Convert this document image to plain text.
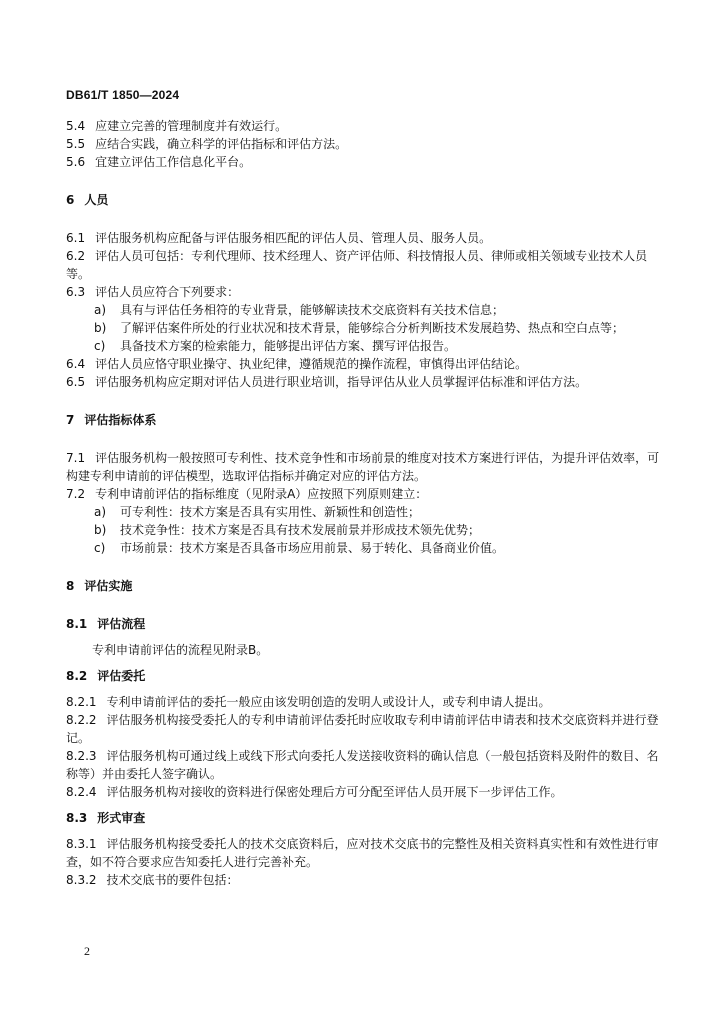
DB61/T 1850—2024

5.4 应建立完善的管理制度并有效运行。

5.5 应结合实践，确立科学的评估指标和评估方法。

5.6 宜建立评估工作信息化平台。

6 人员

6.1 评估服务机构应配备与评估服务相匹配的评估人员、管理人员、服务人员。

6.2 评估人员可包括：专利代理师、技术经理人、资产评估师、科技情报人员、律师或相关领域专业技术人员等。

6.3 评估人员应符合下列要求：

a) 具有与评估任务相符的专业背景，能够解读技术交底资料有关技术信息；

b) 了解评估案件所处的行业状况和技术背景，能够综合分析判断技术发展趋势、热点和空白点等；

c) 具备技术方案的检索能力，能够提出评估方案、撰写评估报告。

6.4 评估人员应恪守职业操守、执业纪律，遵循规范的操作流程，审慎得出评估结论。

6.5 评估服务机构应定期对评估人员进行职业培训，指导评估从业人员掌握评估标准和评估方法。

7 评估指标体系

7.1 评估服务机构一般按照可专利性、技术竞争性和市场前景的维度对技术方案进行评估，为提升评估效率，可构建专利申请前的评估模型，选取评估指标并确定对应的评估方法。

7.2 专利申请前评估的指标维度（见附录A）应按照下列原则建立：

a) 可专利性：技术方案是否具有实用性、新颖性和创造性；

b) 技术竞争性：技术方案是否具有技术发展前景并形成技术领先优势；

c) 市场前景：技术方案是否具备市场应用前景、易于转化、具备商业价值。

8 评估实施

8.1 评估流程

专利申请前评估的流程见附录B。

8.2 评估委托

8.2.1 专利申请前评估的委托一般应由该发明创造的发明人或设计人，或专利申请人提出。

8.2.2 评估服务机构接受委托人的专利申请前评估委托时应收取专利申请前评估申请表和技术交底资料并进行登记。

8.2.3 评估服务机构可通过线上或线下形式向委托人发送接收资料的确认信息（一般包括资料及附件的数目、名称等）并由委托人签字确认。

8.2.4 评估服务机构对接收的资料进行保密处理后方可分配至评估人员开展下一步评估工作。

8.3 形式审查

8.3.1 评估服务机构接受委托人的技术交底资料后，应对技术交底书的完整性及相关资料真实性和有效性进行审查，如不符合要求应告知委托人进行完善补充。

8.3.2 技术交底书的要件包括：

2
